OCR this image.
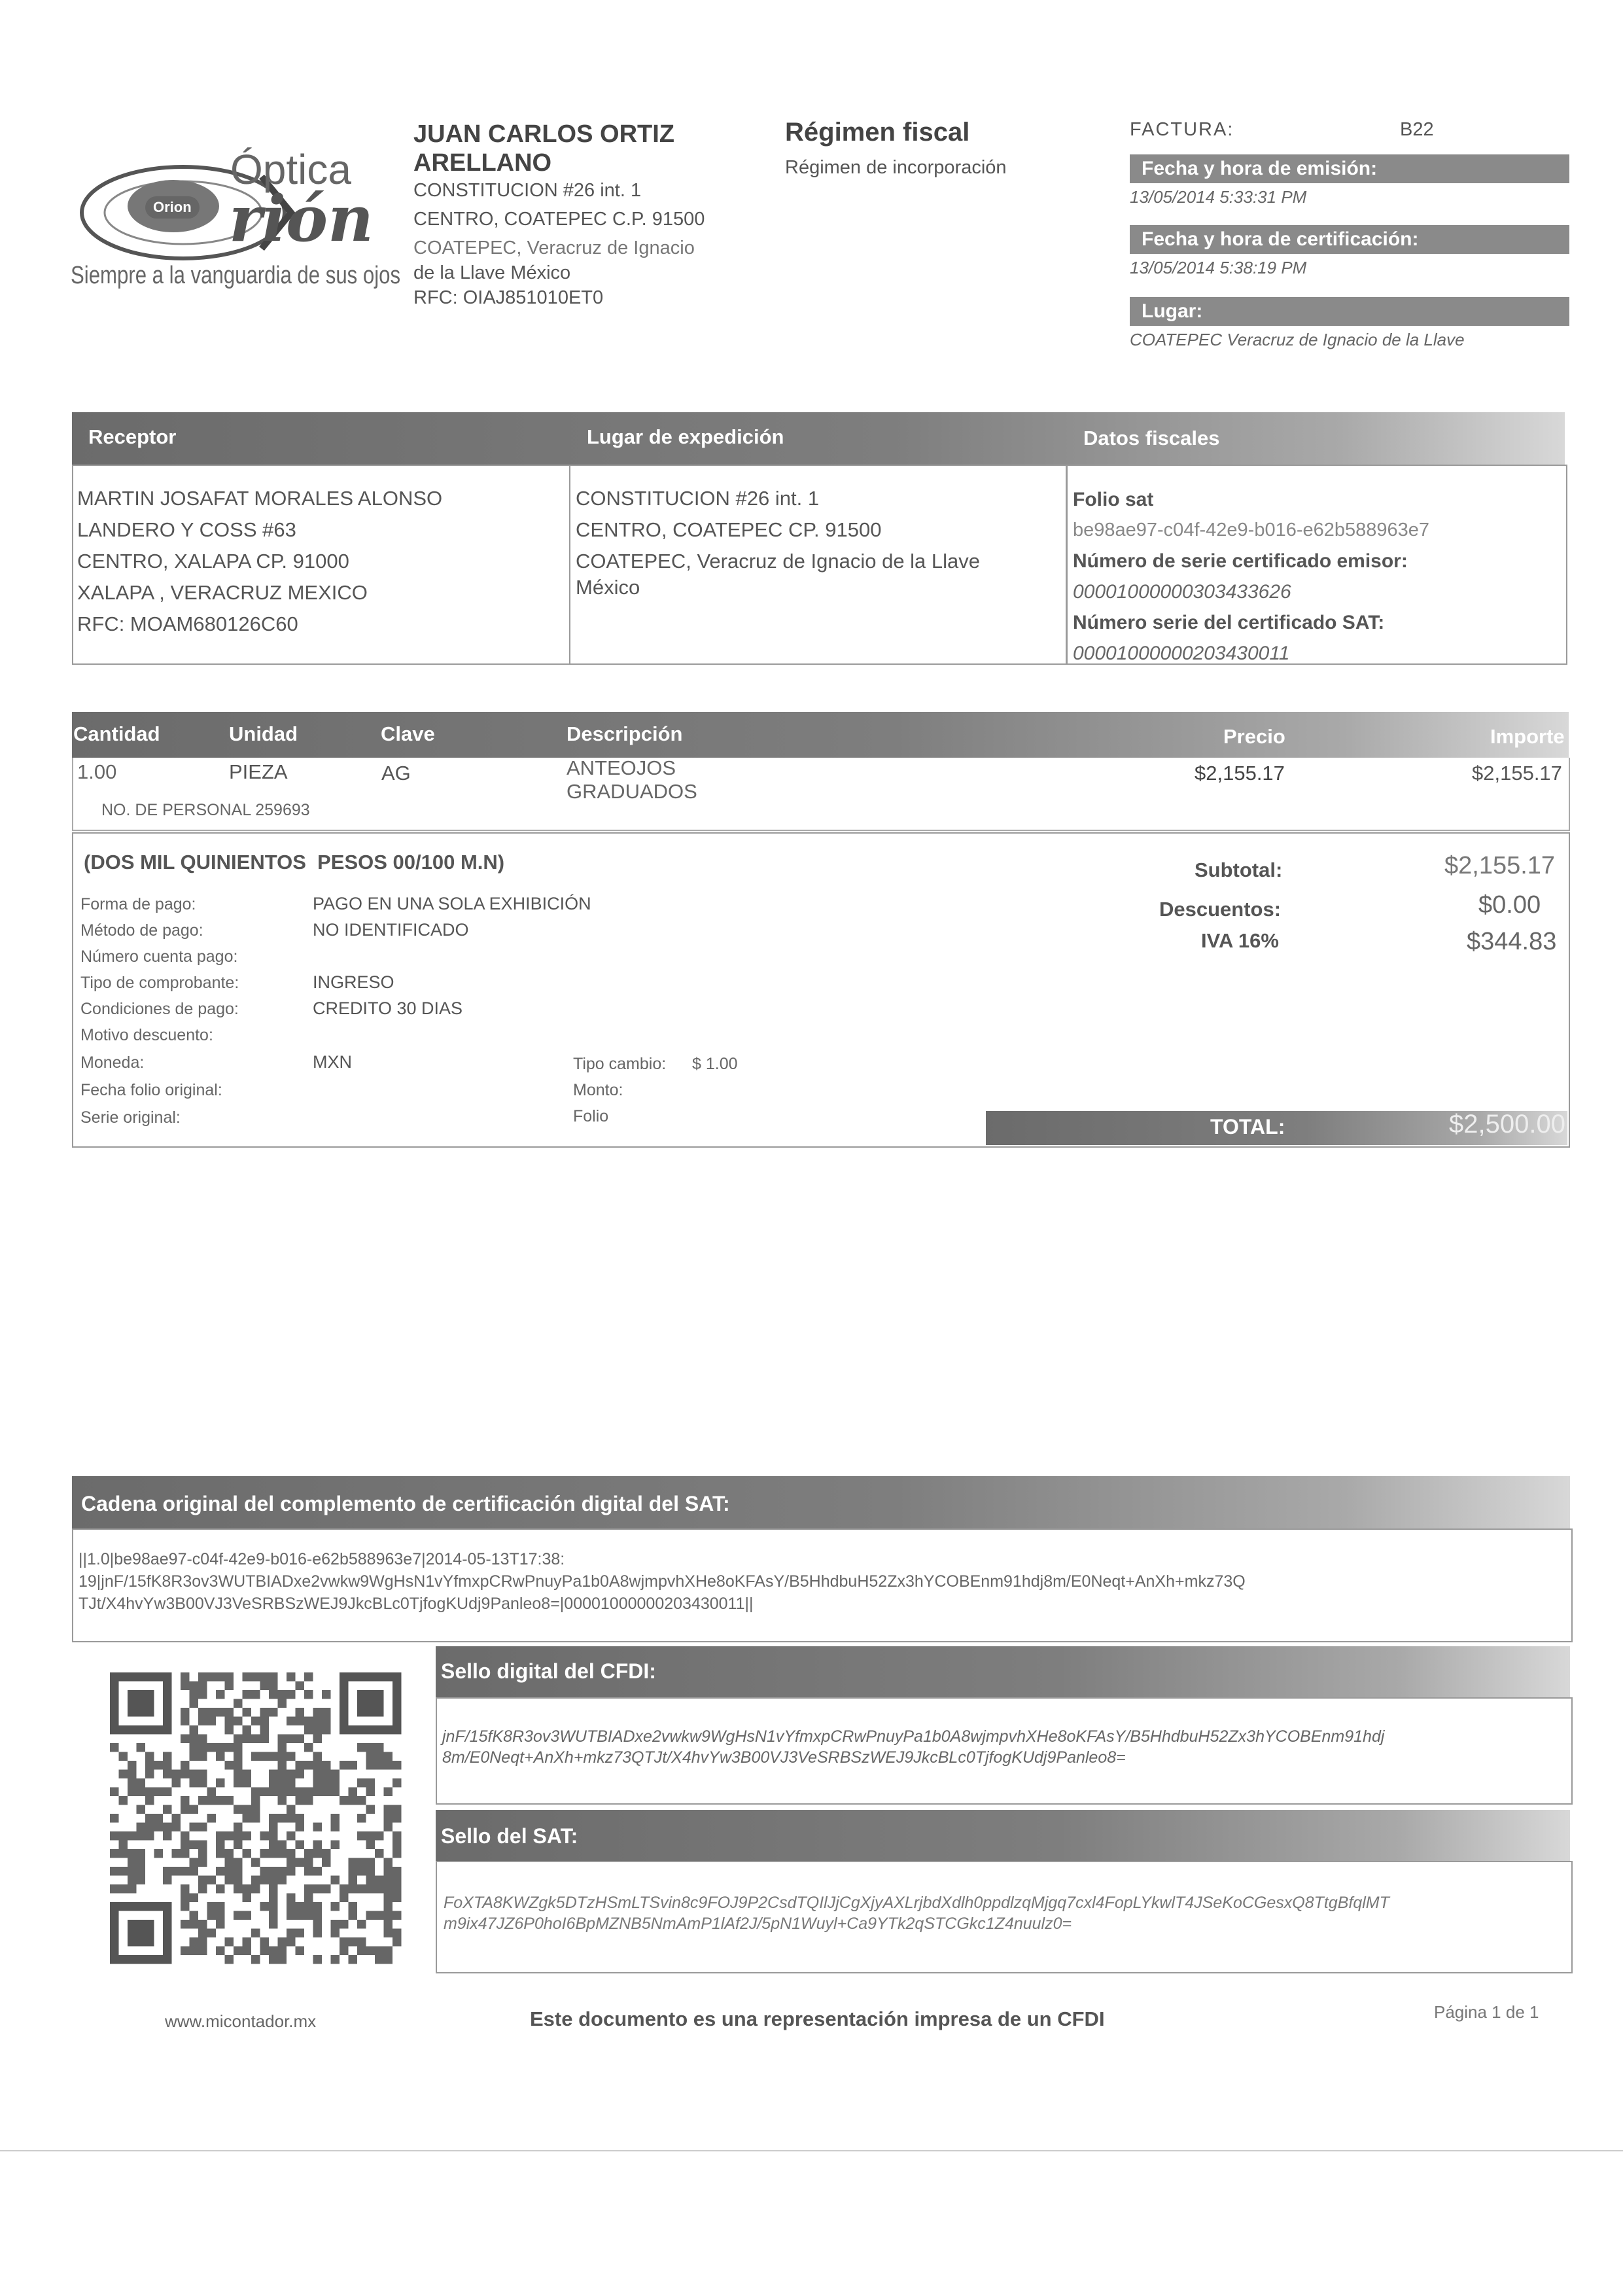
Orion
Óptica
rión
Siempre a la vanguardia de sus ojos
JUAN CARLOS ORTIZ
ARELLANO
CONSTITUCION #26 int. 1
CENTRO, COATEPEC C.P. 91500
COATEPEC, Veracruz de Ignacio
de la Llave México
RFC: OIAJ851010ET0
Régimen fiscal
Régimen de incorporación
FACTURA:	B22
Fecha y hora de emisión:
13/05/2014 5:33:31 PM
Fecha y hora de certificación:
13/05/2014 5:38:19 PM
Lugar:
COATEPEC Veracruz de Ignacio de la Llave
Receptor	Lugar de expedición	Datos fiscales
MARTIN JOSAFAT MORALES ALONSO
LANDERO Y COSS #63
CENTRO, XALAPA CP. 91000
XALAPA , VERACRUZ MEXICO
RFC: MOAM680126C60
CONSTITUCION #26 int. 1
CENTRO, COATEPEC CP. 91500
COATEPEC, Veracruz de Ignacio de la Llave
México
Folio sat
be98ae97-c04f-42e9-b016-e62b588963e7
Número de serie certificado emisor:
00001000000303433626
Número serie del certificado SAT:
00001000000203430011
Cantidad	Unidad	Clave	Descripción	Precio	Importe
1.00	PIEZA	AG	ANTEOJOS GRADUADOS
$2,155.17	$2,155.17
NO. DE PERSONAL 259693
(DOS MIL QUINIENTOS  PESOS 00/100 M.N)
Forma de pago:	PAGO EN UNA SOLA EXHIBICIÓN
Método de pago:	NO IDENTIFICADO
Número cuenta pago:
Tipo de comprobante:	INGRESO
Condiciones de pago:	CREDITO 30 DIAS
Motivo descuento:
Moneda:	MXN
Fecha folio original:
Serie original:
Tipo cambio: $ 1.00
Monto:
Folio
Subtotal:	$2,155.17
Descuentos:	$0.00
IVA 16%	$344.83
TOTAL:	$2,500.00
Cadena original del complemento de certificación digital del SAT:
||1.0|be98ae97-c04f-42e9-b016-e62b588963e7|2014-05-13T17:38:
19|jnF/15fK8R3ov3WUTBIADxe2vwkw9WgHsN1vYfmxpCRwPnuyPa1b0A8wjmpvhXHe8oKFAsY/B5HhdbuH52Zx3hYCOBEnm91hdj8m/E0Neqt+AnXh+mkz73Q
TJt/X4hvYw3B00VJ3VeSRBSzWEJ9JkcBLc0TjfogKUdj9Panleo8=|00001000000203430011||
Sello digital del CFDI:
jnF/15fK8R3ov3WUTBIADxe2vwkw9WgHsN1vYfmxpCRwPnuyPa1b0A8wjmpvhXHe8oKFAsY/B5HhdbuH52Zx3hYCOBEnm91hdj
8m/E0Neqt+AnXh+mkz73QTJt/X4hvYw3B00VJ3VeSRBSzWEJ9JkcBLc0TjfogKUdj9Panleo8=
Sello del SAT:
FoXTA8KWZgk5DTzHSmLTSvin8c9FOJ9P2CsdTQIlJjCgXjyAXLrjbdXdlh0ppdlzqMjgq7cxl4FopLYkwlT4JSeKoCGesxQ8TtgBfqlMT
m9ix47JZ6P0hoI6BpMZNB5NmAmP1lAf2J/5pN1Wuyl+Ca9YTk2qSTCGkc1Z4nuulz0=
www.micontador.mx	Este documento es una representación impresa de un CFDI	Página 1 de 1
